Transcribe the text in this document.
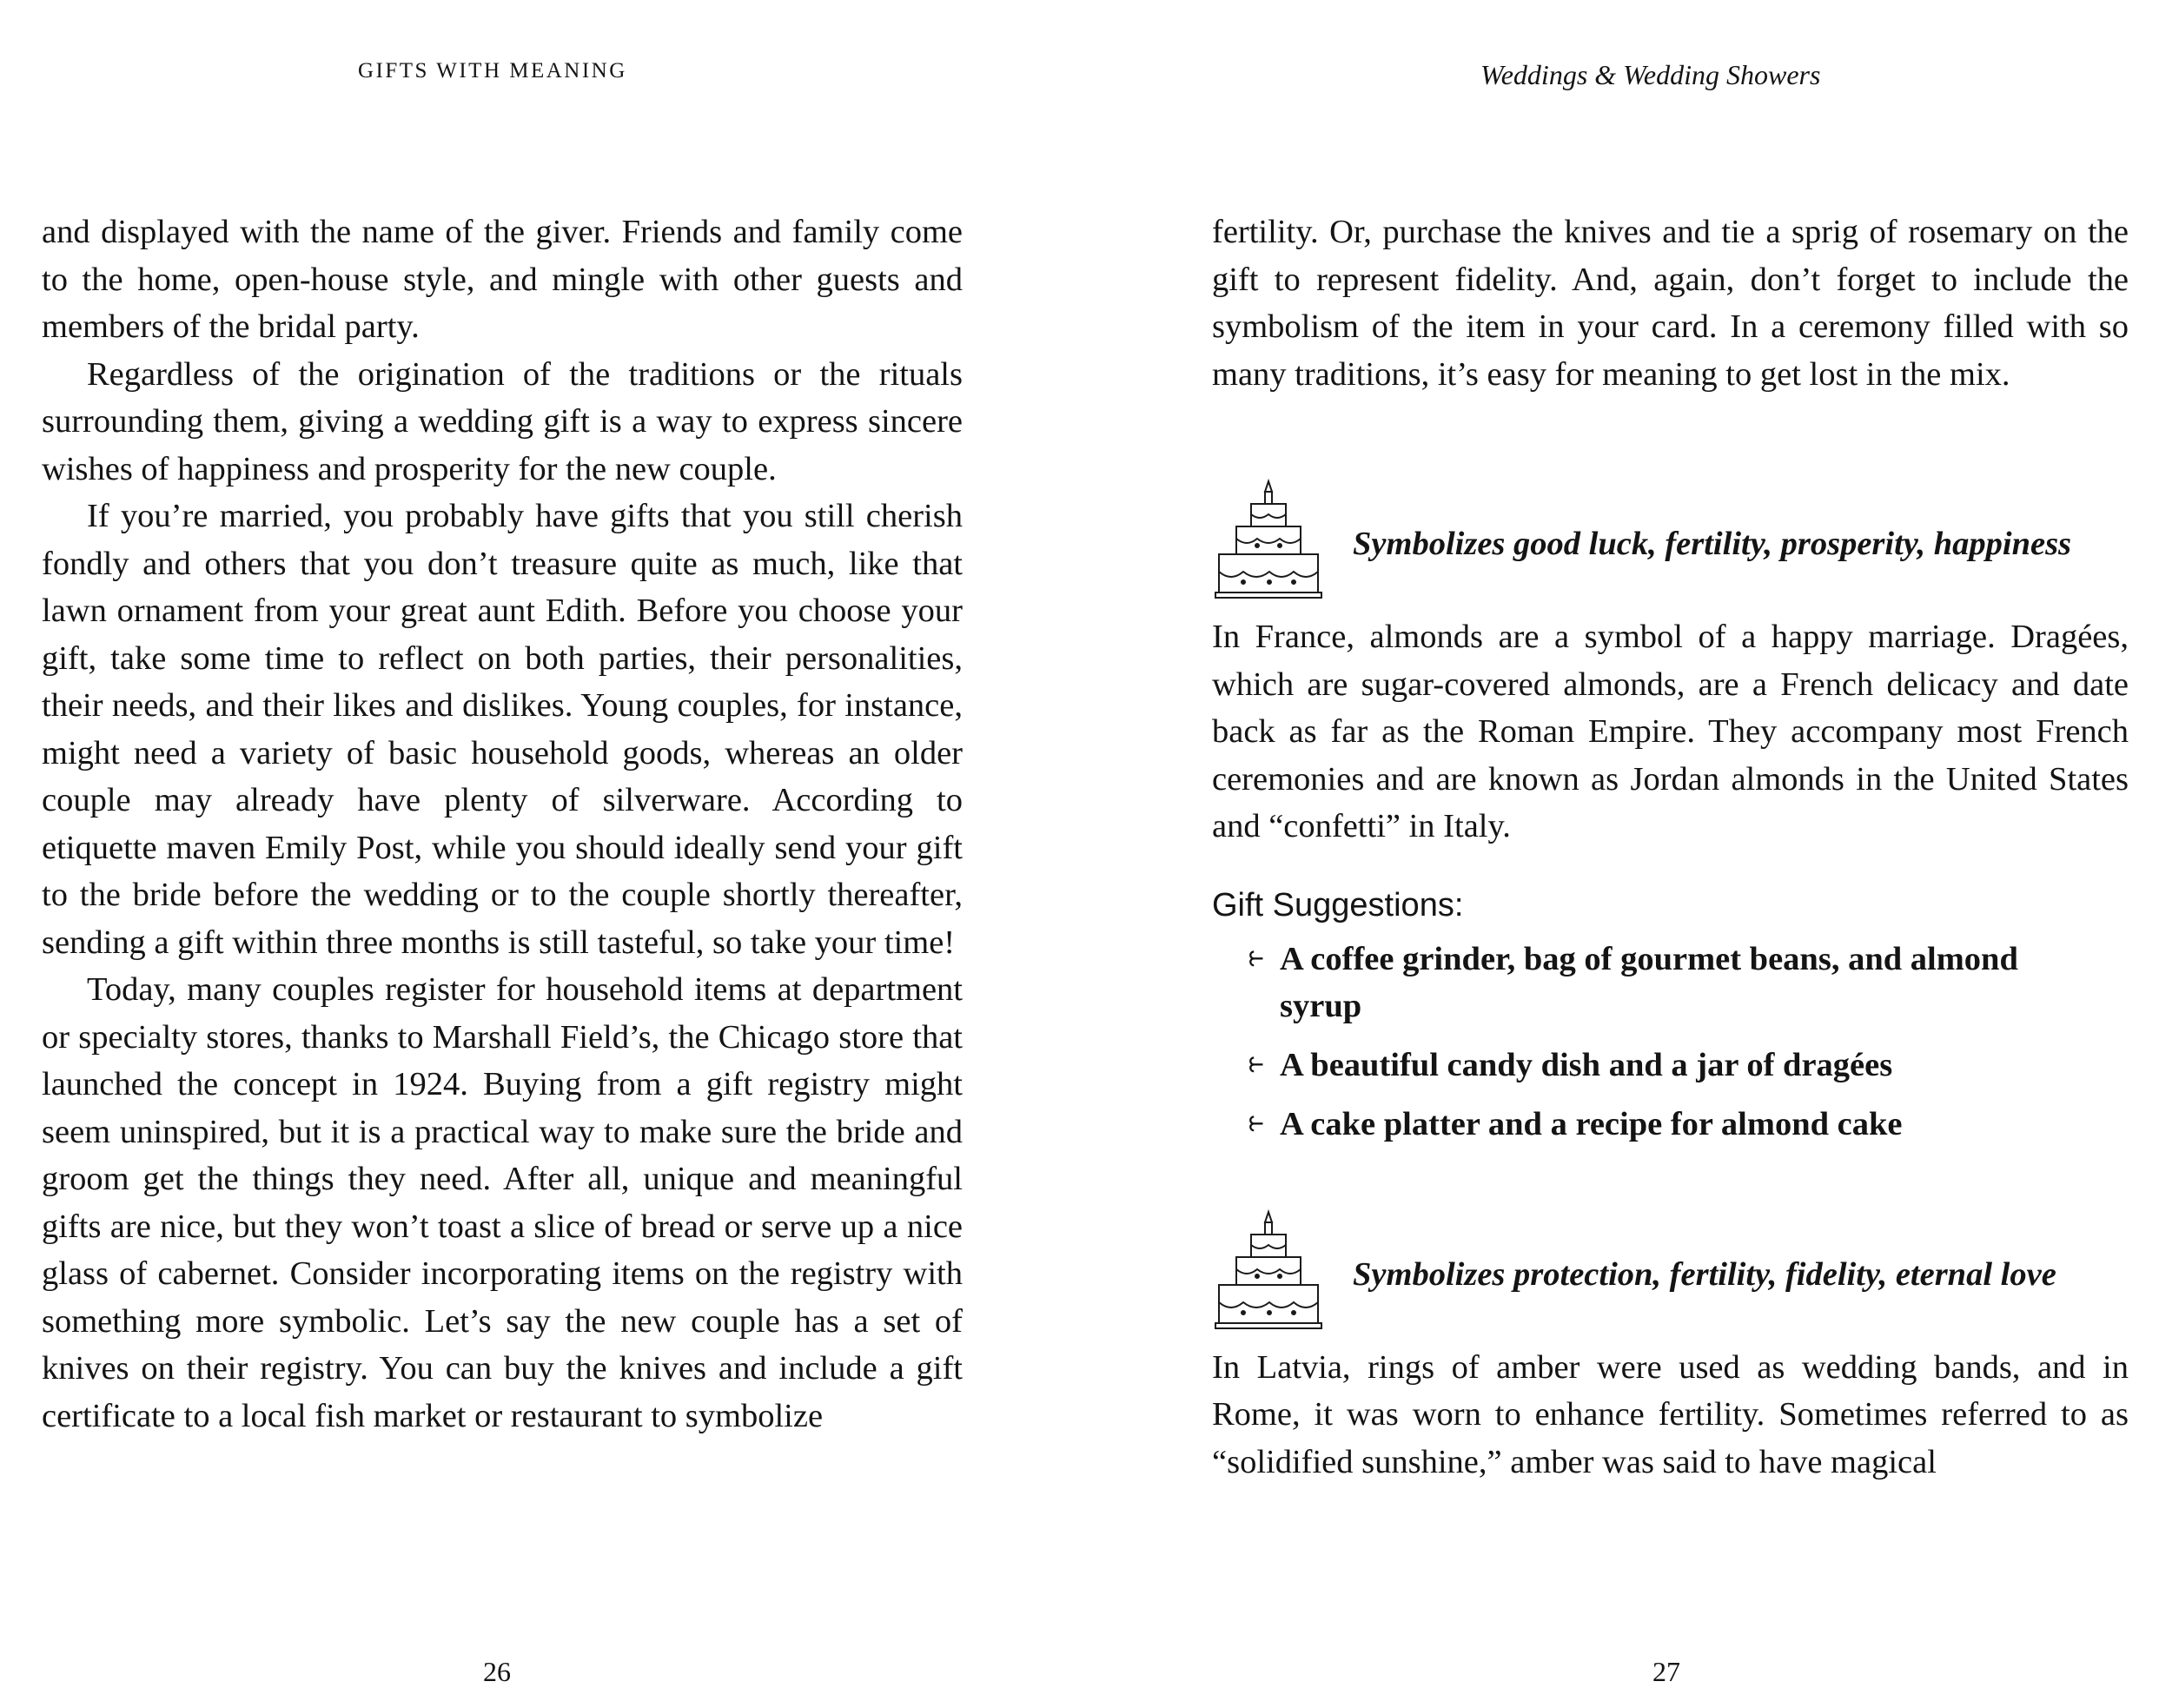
GIFTS WITH MEANING

and displayed with the name of the giver. Friends and family come to the home, open-house style, and mingle with other guests and members of the bridal party.

Regardless of the origination of the traditions or the rituals surrounding them, giving a wedding gift is a way to express sincere wishes of happiness and prosperity for the new couple.

If you’re married, you probably have gifts that you still cherish fondly and others that you don’t treasure quite as much, like that lawn ornament from your great aunt Edith. Before you choose your gift, take some time to reflect on both parties, their personalities, their needs, and their likes and dislikes. Young couples, for instance, might need a variety of basic household goods, whereas an older couple may already have plenty of silverware. According to etiquette maven Emily Post, while you should ideally send your gift to the bride before the wedding or to the couple shortly thereafter, sending a gift within three months is still tasteful, so take your time!

Today, many couples register for household items at department or specialty stores, thanks to Marshall Field’s, the Chicago store that launched the concept in 1924. Buying from a gift registry might seem uninspired, but it is a practical way to make sure the bride and groom get the things they need. After all, unique and meaningful gifts are nice, but they won’t toast a slice of bread or serve up a nice glass of cabernet. Consider incorporating items on the registry with something more symbolic. Let’s say the new couple has a set of knives on their registry. You can buy the knives and include a gift certificate to a local fish market or restaurant to symbolize

26
Weddings & Wedding Showers

fertility. Or, purchase the knives and tie a sprig of rosemary on the gift to represent fidelity. And, again, don’t forget to include the symbolism of the item in your card. In a ceremony filled with so many traditions, it’s easy for meaning to get lost in the mix.

Symbolizes good luck, fertility, prosperity, happiness

In France, almonds are a symbol of a happy marriage. Dragées, which are sugar-covered almonds, are a French delicacy and date back as far as the Roman Empire. They accompany most French ceremonies and are known as Jordan almonds in the United States and “confetti” in Italy.

Gift Suggestions:
⥼ A coffee grinder, bag of gourmet beans, and almond syrup
⥼ A beautiful candy dish and a jar of dragées
⥼ A cake platter and a recipe for almond cake
Symbolizes protection, fertility, fidelity, eternal love

In Latvia, rings of amber were used as wedding bands, and in Rome, it was worn to enhance fertility. Sometimes referred to as “solidified sunshine,” amber was said to have magical

27
